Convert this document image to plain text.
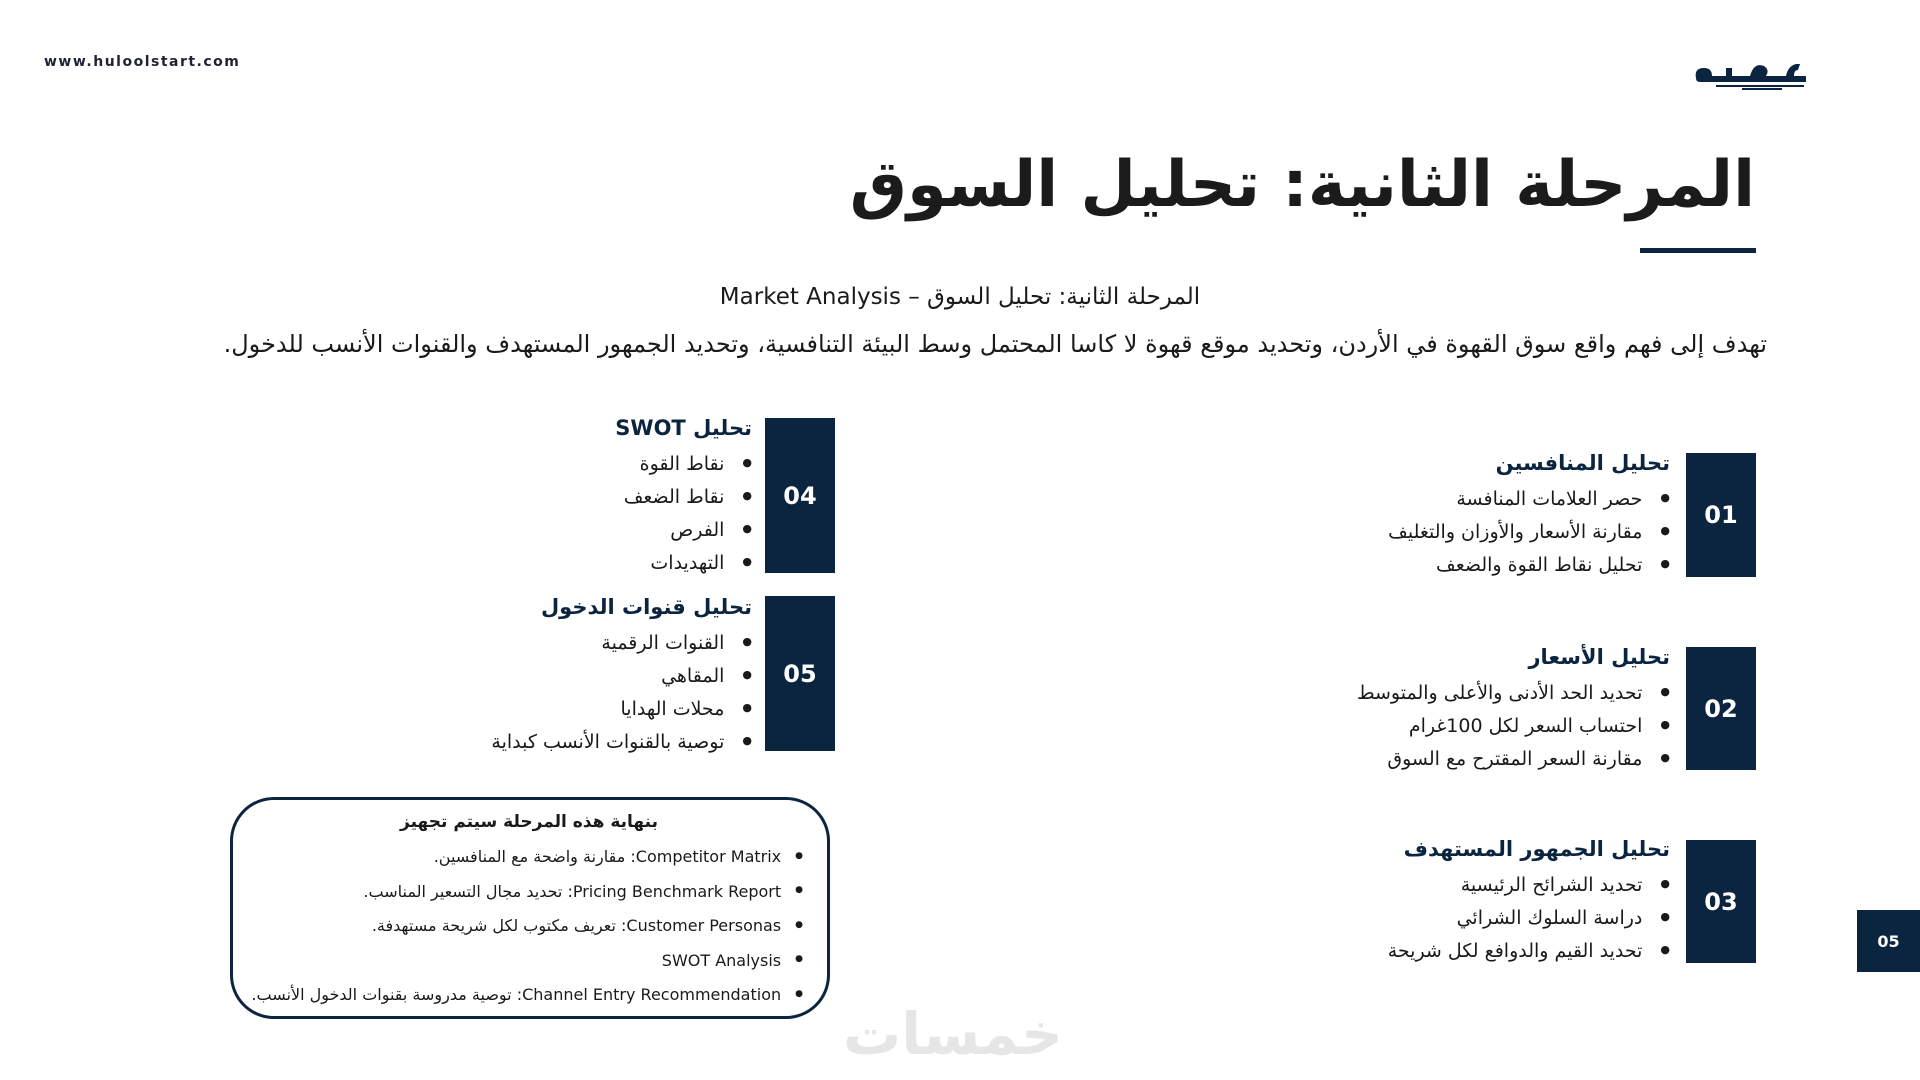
www.huloolstart.com
المرحلة الثانية: تحليل السوق
المرحلة الثانية: تحليل السوق – Market Analysis
تهدف إلى فهم واقع سوق القهوة في الأردن، وتحديد موقع قهوة لا كاسا المحتمل وسط البيئة التنافسية، وتحديد الجمهور المستهدف والقنوات الأنسب للدخول.
01
تحليل المنافسين
● حصر العلامات المنافسة
● مقارنة الأسعار والأوزان والتغليف
● تحليل نقاط القوة والضعف
02
تحليل الأسعار
● تحديد الحد الأدنى والأعلى والمتوسط
● احتساب السعر لكل 100غرام
● مقارنة السعر المقترح مع السوق
03
تحليل الجمهور المستهدف
● تحديد الشرائح الرئيسية
● دراسة السلوك الشرائي
● تحديد القيم والدوافع لكل شريحة
04
تحليل SWOT
● نقاط القوة
● نقاط الضعف
● الفرص
● التهديدات
05
تحليل قنوات الدخول
● القنوات الرقمية
● المقاهي
● محلات الهدايا
● توصية بالقنوات الأنسب كبداية
بنهاية هذه المرحلة سيتم تجهيز
● Competitor Matrix: مقارنة واضحة مع المنافسين.
● Pricing Benchmark Report: تحديد مجال التسعير المناسب.
● Customer Personas: تعريف مكتوب لكل شريحة مستهدفة.
● SWOT Analysis
● Channel Entry Recommendation: توصية مدروسة بقنوات الدخول الأنسب.
05
خمسات
